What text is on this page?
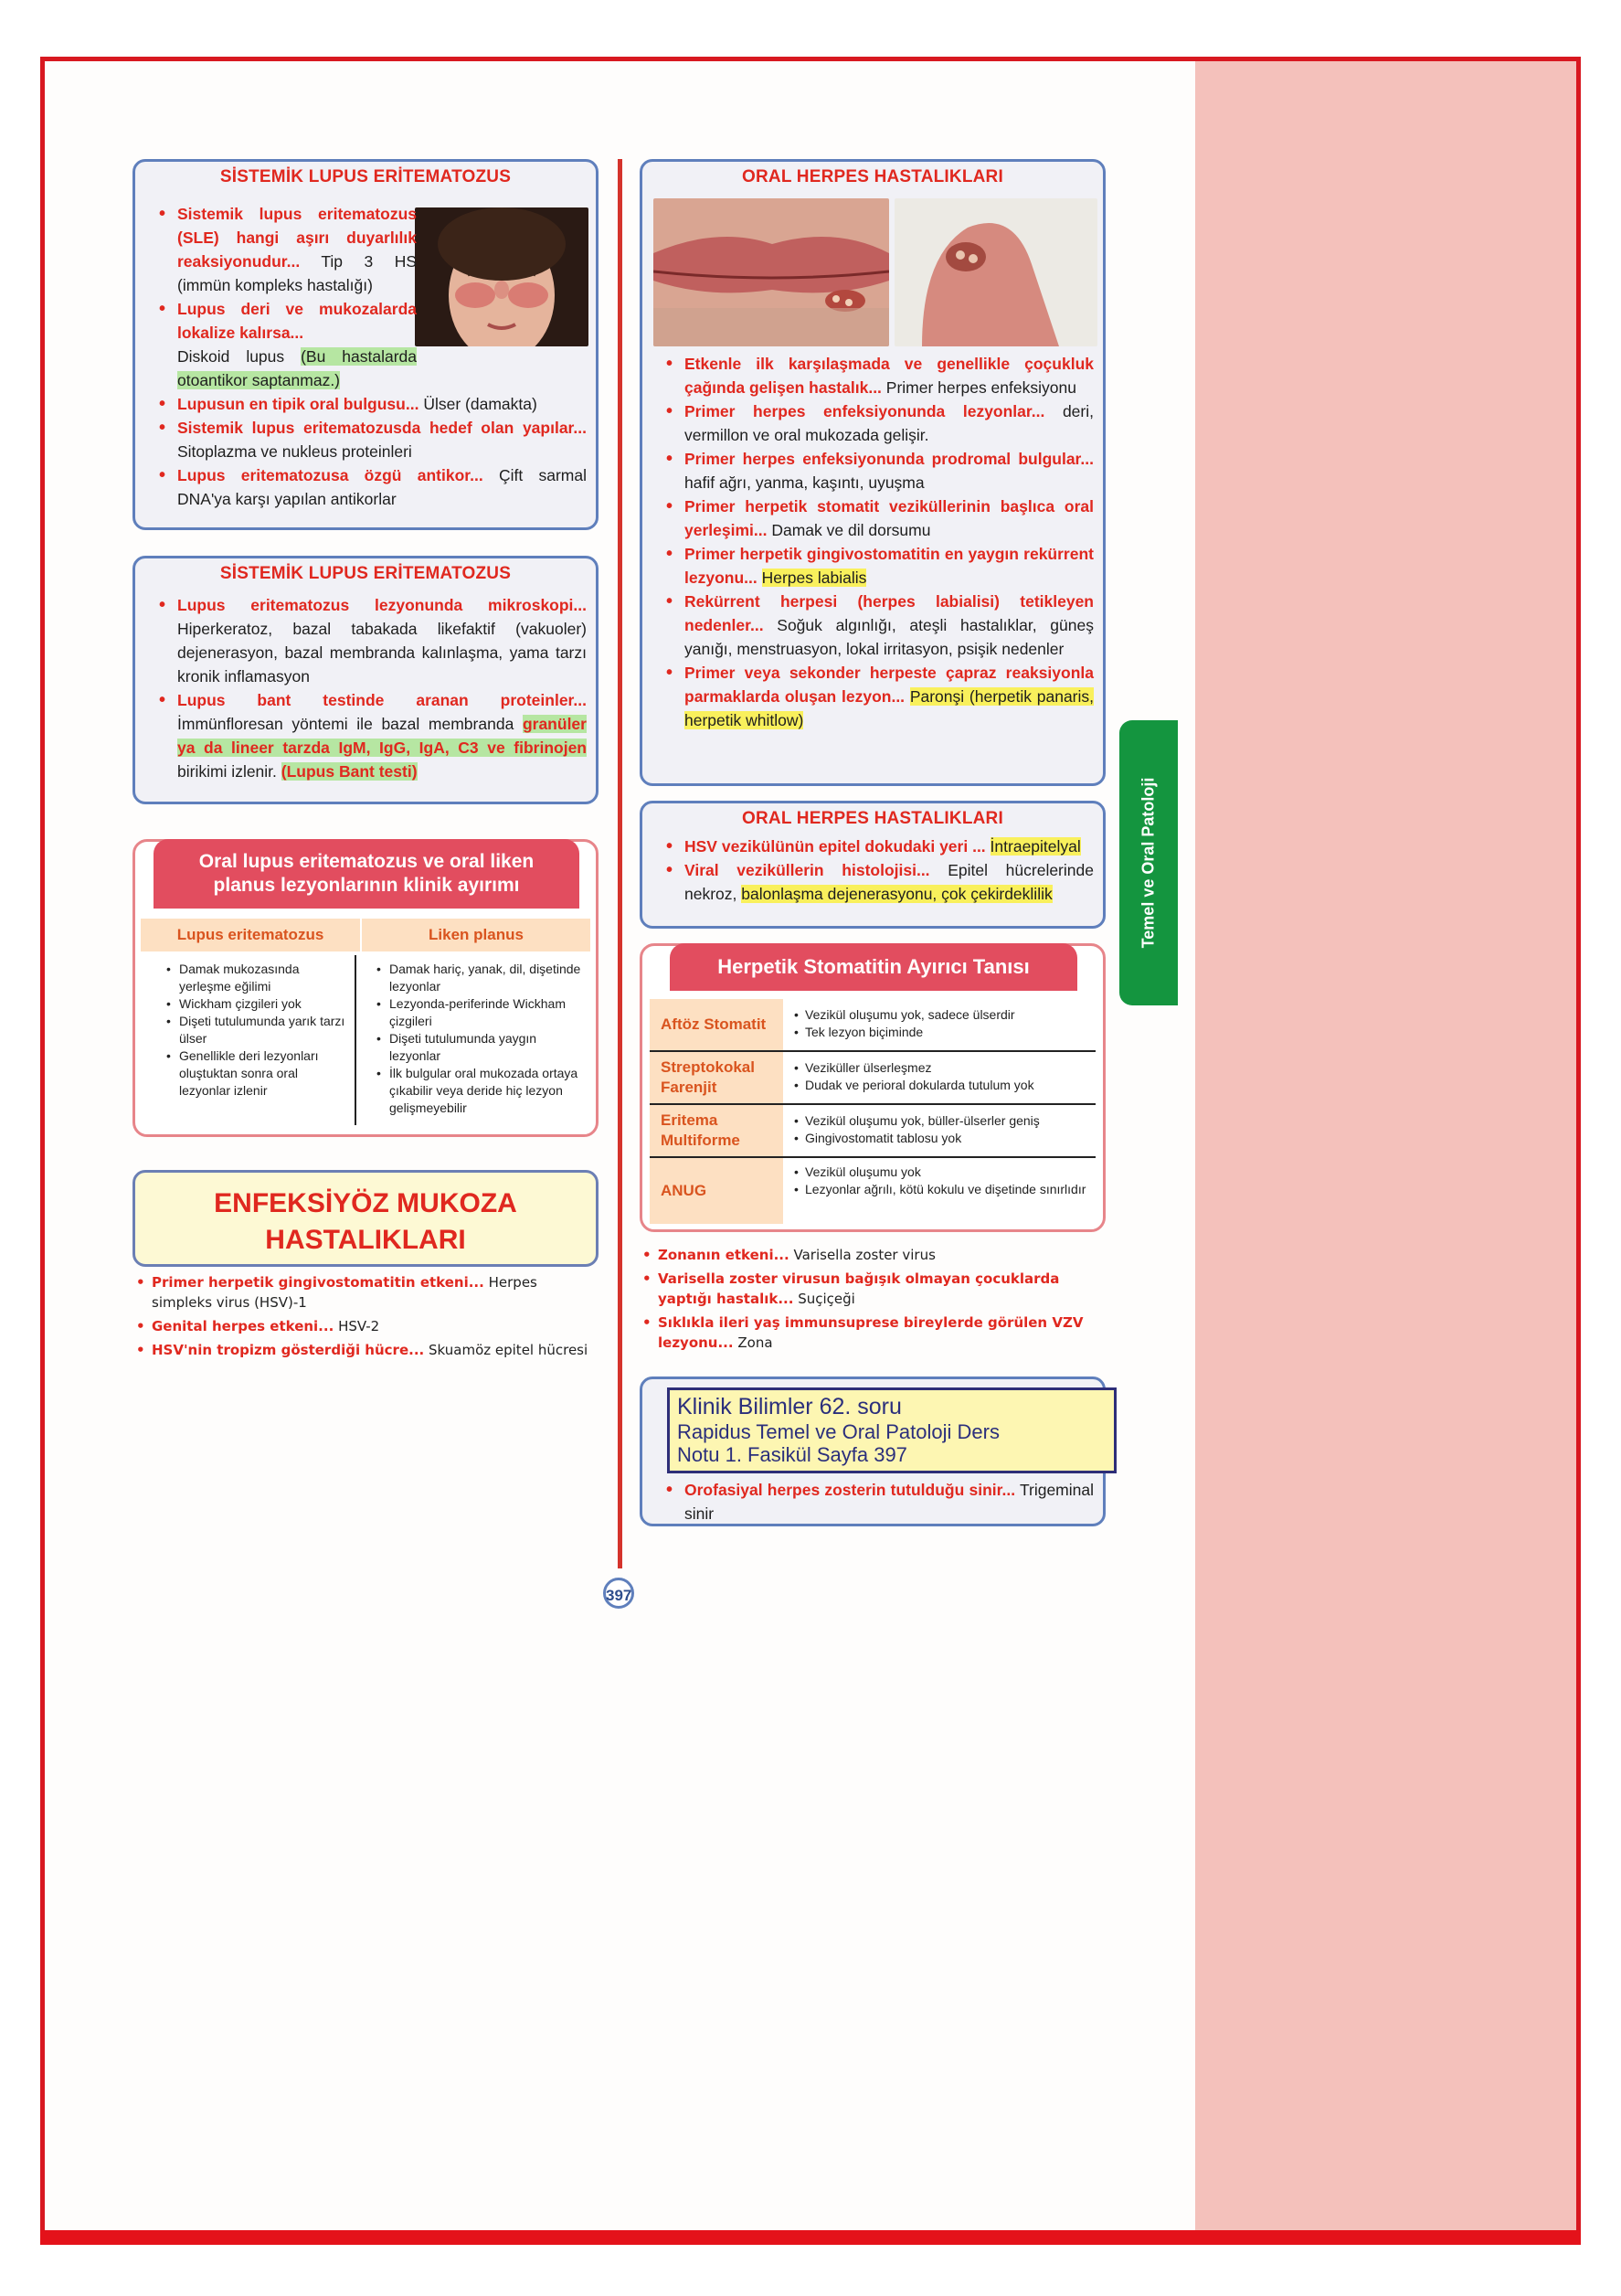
SİSTEMİK LUPUS ERİTEMATOZUS
• Sistemik lupus eritematozus (SLE) hangi aşırı duyarlılık reaksiyonudur... Tip 3 HS (immün kompleks hastalığı)
• Lupus deri ve mukozalarda lokalize kalırsa...
Diskoid lupus (Bu hastalarda otoantikor saptanmaz.)
• Lupusun en tipik oral bulgusu... Ülser (damakta)
• Sistemik lupus eritematozusda hedef olan yapılar... Sitoplazma ve nukleus proteinleri
• Lupus eritematozusa özgü antikor... Çift sarmal DNA'ya karşı yapılan antikorlar
SİSTEMİK LUPUS ERİTEMATOZUS
• Lupus eritematozus lezyonunda mikroskopi... Hiperkeratoz, bazal tabakada likefaktif (vakuoler) dejenerasyon, bazal membranda kalınlaşma, yama tarzı kronik inflamasyon
• Lupus bant testinde aranan proteinler... İmmünfloresan yöntemi ile bazal membranda granüler ya da lineer tarzda IgM, IgG, IgA, C3 ve fibrinojen birikimi izlenir. (Lupus Bant testi)
Oral lupus eritematozus ve oral liken
planus lezyonlarının klinik ayırımı
Lupus eritematozus	Liken planus
• Damak mukozasında yerleşme eğilimi
• Wickham çizgileri yok
• Dişeti tutulumunda yarık tarzı ülser
• Genellikle deri lezyonları oluştuktan sonra oral lezyonlar izlenir
• Damak hariç, yanak, dil, dişetinde lezyonlar
• Lezyonda-periferinde Wickham çizgileri
• Dişeti tutulumunda yaygın lezyonlar
• İlk bulgular oral mukozada ortaya çıkabilir veya deride hiç lezyon gelişmeyebilir
ENFEKSİYÖZ MUKOZA
HASTALIKLARI
• Primer herpetik gingivostomatitin etkeni... Herpes simpleks virus (HSV)-1
• Genital herpes etkeni... HSV-2
• HSV'nin tropizm gösterdiği hücre... Skuamöz epitel hücresi
ORAL HERPES HASTALIKLARI
• Etkenle ilk karşılaşmada ve genellikle çoçukluk çağında gelişen hastalık... Primer herpes enfeksiyonu
• Primer herpes enfeksiyonunda lezyonlar... deri, vermillon ve oral mukozada gelişir.
• Primer herpes enfeksiyonunda prodromal bulgular... hafif ağrı, yanma, kaşıntı, uyuşma
• Primer herpetik stomatit veziküllerinin başlıca oral yerleşimi... Damak ve dil dorsumu
• Primer herpetik gingivostomatitin en yaygın rekürrent lezyonu... Herpes labialis
• Rekürrent herpesi (herpes labialisi) tetikleyen nedenler... Soğuk algınlığı, ateşli hastalıklar, güneş yanığı, menstruasyon, lokal irritasyon, psişik nedenler
• Primer veya sekonder herpeste çapraz reaksiyonla parmaklarda oluşan lezyon... Paronşi (herpetik panaris, herpetik whitlow)
ORAL HERPES HASTALIKLARI
• HSV vezikülünün epitel dokudaki yeri ... İntraepitelyal
• Viral veziküllerin histolojisi... Epitel hücrelerinde nekroz, balonlaşma dejenerasyonu, çok çekirdeklilik
Herpetik Stomatitin Ayırıcı Tanısı
Aftöz Stomatit
• Vezikül oluşumu yok, sadece ülserdir
• Tek lezyon biçiminde
Streptokokal Farenjit
• Veziküller ülserleşmez
• Dudak ve perioral dokularda tutulum yok
Eritema Multiforme
• Vezikül oluşumu yok, büller-ülserler geniş
• Gingivostomatit tablosu yok
ANUG
• Vezikül oluşumu yok
• Lezyonlar ağrılı, kötü kokulu ve dişetinde sınırlıdır
• Zonanın etkeni... Varisella zoster virus
• Varisella zoster virusun bağışık olmayan çocuklarda yaptığı hastalık... Suçiçeği
• Sıklıkla ileri yaş immunsuprese bireylerde görülen VZV lezyonu... Zona
• Orofasiyal herpes zosterin tutulduğu sinir... Trigeminal sinir
Klinik Bilimler 62. soru
Rapidus Temel ve Oral Patoloji Ders
Notu 1. Fasikül Sayfa 397
Temel ve Oral Patoloji
397
